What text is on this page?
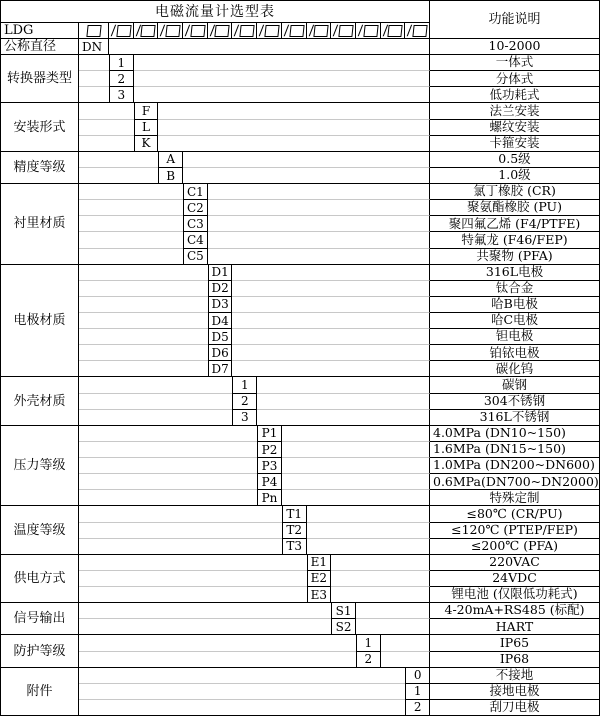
电磁流量计选型表	功能说明
LDG	/ / / / / / / / / / / / /
公称直径	DN	10-2000
转换器类型
1	一体式
2	分体式
3	低功耗式
安装形式
F	法兰安装
L	螺纹安装
K	卡箍安装
精度等级
A	0.5级
B	1.0级
衬里材质
C1	氯丁橡胶 (CR)
C2	聚氨酯橡胶 (PU)
C3	聚四氟乙烯 (F4/PTFE)
C4	特氟龙 (F46/FEP)
C5	共聚物 (PFA)
电极材质
D1	316L电极
D2	钛合金
D3	哈B电极
D4	哈C电极
D5	钽电极
D6	铂铱电极
D7	碳化钨
外壳材质
1	碳钢
2	304不锈钢
3	316L不锈钢
压力等级
P1	4.0MPa (DN10~150)
P2	1.6MPa (DN15~150)
P3	1.0MPa (DN200~DN600)
P4	0.6MPa(DN700~DN2000)
Pn	特殊定制
温度等级
T1	≤80℃ (CR/PU)
T2	≤120℃ (PTEP/FEP)
T3	≤200℃ (PFA)
供电方式
E1	220VAC
E2	24VDC
E3	锂电池 (仅限低功耗式)
信号输出
S1	4-20mA+RS485 (标配)
S2	HART
防护等级
1	IP65
2	IP68
附件
0	不接地
1	接地电极
2	刮刀电极
